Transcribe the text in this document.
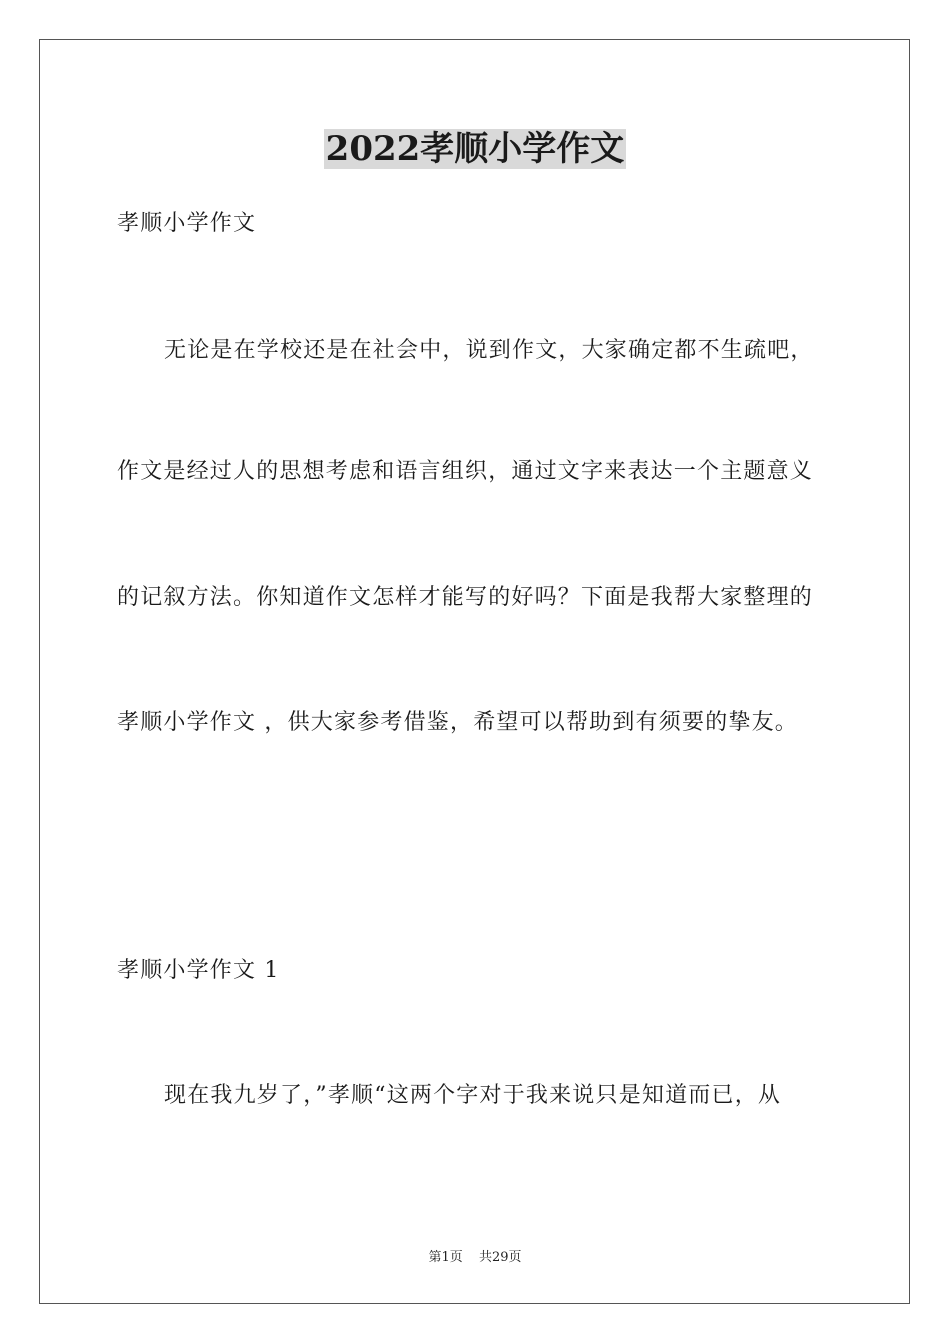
2022孝顺小学作文
孝顺小学作文
无论是在学校还是在社会中，说到作文，大家确定都不生疏吧，
作文是经过人的思想考虑和语言组织，通过文字来表达一个主题意义
的记叙方法。你知道作文怎样才能写的好吗？下面是我帮大家整理的
孝顺小学作文 ，供大家参考借鉴，希望可以帮助到有须要的挚友。
孝顺小学作文 1
现在我九岁了，”孝顺“这两个字对于我来说只是知道而已，从
第1页 共29页
